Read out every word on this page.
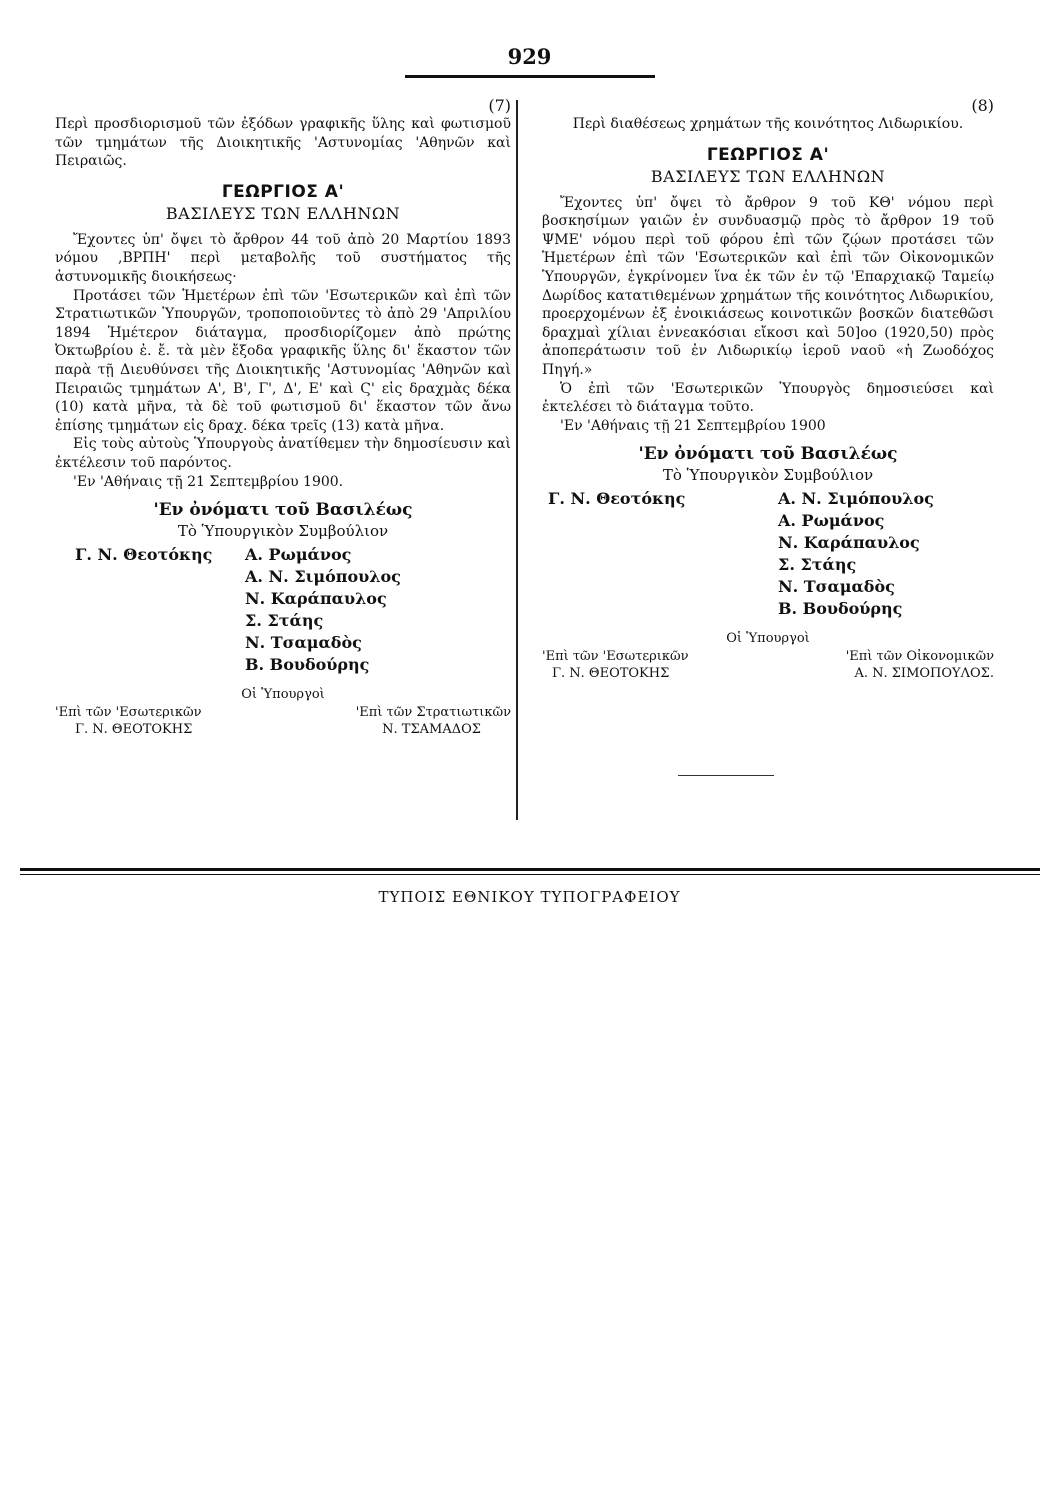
929
(7)

Περὶ προσδιορισμοῦ τῶν ἐξόδων γραφικῆς ὕλης καὶ φωτισμοῦ τῶν τμημάτων τῆς Διοικητικῆς 'Αστυνομίας 'Αθηνῶν καὶ Πειραιῶς.

ΓΕΩΡΓΙΟΣ Α'
ΒΑΣΙΛΕΥΣ ΤΩΝ ΕΛΛΗΝΩΝ

Ἔχοντες ὑπ' ὄψει τὸ ἄρθρον 44 τοῦ ἀπὸ 20 Μαρτίου 1893 νόμου ,ΒΡΠΗ' περὶ μεταβολῆς τοῦ συστήματος τῆς ἀστυνομικῆς διοικήσεως·

Προτάσει τῶν Ἡμετέρων ἐπὶ τῶν 'Εσωτερικῶν καὶ ἐπὶ τῶν Στρατιωτικῶν Ὑπουργῶν, τροποποιοῦντες τὸ ἀπὸ 29 'Απριλίου 1894 Ἡμέτερον διάταγμα, προσδιορίζομεν ἀπὸ πρώτης Ὀκτωβρίου ἐ. ἔ. τὰ μὲν ἔξοδα γραφικῆς ὕλης δι' ἕκαστον τῶν παρὰ τῇ Διευθύνσει τῆς Διοικητικῆς 'Αστυνομίας 'Αθηνῶν καὶ Πειραιῶς τμημάτων Α', Β', Γ', Δ', Ε' καὶ Ϛ' εἰς δραχμὰς δέκα (10) κατὰ μῆνα, τὰ δὲ τοῦ φωτισμοῦ δι' ἕκαστον τῶν ἄνω ἐπίσης τμημάτων εἰς δραχ. δέκα τρεῖς (13) κατὰ μῆνα.

Εἰς τοὺς αὐτοὺς Ὑπουργοὺς ἀνατίθεμεν τὴν δημοσίευσιν καὶ ἐκτέλεσιν τοῦ παρόντος.

'Εν 'Αθήναις τῇ 21 Σεπτεμβρίου 1900.

'Εν ὀνόματι τοῦ Βασιλέως
Τὸ Ὑπουργικὸν Συμβούλιον
Γ. Ν. Θεοτόκης	Α. Ρωμάνος
Α. Ν. Σιμόπουλος
Ν. Καράπαυλος
Σ. Στάης
Ν. Τσαμαδὸς
Β. Βουδούρης
Οἱ Ὑπουργοὶ
'Επὶ τῶν 'Εσωτερικῶν	'Επὶ τῶν Στρατιωτικῶν
Γ. Ν. ΘΕΟΤΟΚΗΣ	Ν. ΤΣΑΜΑΔΟΣ
(8)

Περὶ διαθέσεως χρημάτων τῆς κοινότητος Λιδωρικίου.

ΓΕΩΡΓΙΟΣ Α'
ΒΑΣΙΛΕΥΣ ΤΩΝ ΕΛΛΗΝΩΝ

Ἔχοντες ὑπ' ὄψει τὸ ἄρθρον 9 τοῦ ΚΘ' νόμου περὶ βοσκησίμων γαιῶν ἐν συνδυασμῷ πρὸς τὸ ἄρθρον 19 τοῦ ΨΜΕ' νόμου περὶ τοῦ φόρου ἐπὶ τῶν ζῴων προτάσει τῶν Ἡμετέρων ἐπὶ τῶν 'Εσωτερικῶν καὶ ἐπὶ τῶν Οἰκονομικῶν Ὑπουργῶν, ἐγκρίνομεν ἵνα ἐκ τῶν ἐν τῷ 'Επαρχιακῷ Ταμείῳ Δωρίδος κατατιθεμένων χρημάτων τῆς κοινότητος Λιδωρικίου, προερχομένων ἐξ ἐνοικιάσεως κοινοτικῶν βοσκῶν διατεθῶσι δραχμαὶ χίλιαι ἐννεακόσιαι εἴκοσι καὶ 50]οο (1920,50) πρὸς ἀποπεράτωσιν τοῦ ἐν Λιδωρικίῳ ἱεροῦ ναοῦ «ἡ Ζωοδόχος Πηγή.»

Ὁ ἐπὶ τῶν 'Εσωτερικῶν Ὑπουργὸς δημοσιεύσει καὶ ἐκτελέσει τὸ διάταγμα τοῦτο.

'Εν 'Αθήναις τῇ 21 Σεπτεμβρίου 1900

'Εν ὀνόματι τοῦ Βασιλέως
Τὸ Ὑπουργικὸν Συμβούλιον
Γ. Ν. Θεοτόκης	Α. Ν. Σιμόπουλος
Α. Ρωμάνος
Ν. Καράπαυλος
Σ. Στάης
Ν. Τσαμαδὸς
Β. Βουδούρης
Οἱ Ὑπουργοὶ
'Επὶ τῶν 'Εσωτερικῶν	'Επὶ τῶν Οἰκονομικῶν
Γ. Ν. ΘΕΟΤΟΚΗΣ	Α. Ν. ΣΙΜΟΠΟΥΛΟΣ.
ΤΥΠΟΙΣ ΕΘΝΙΚΟΥ ΤΥΠΟΓΡΑΦΕΙΟΥ
